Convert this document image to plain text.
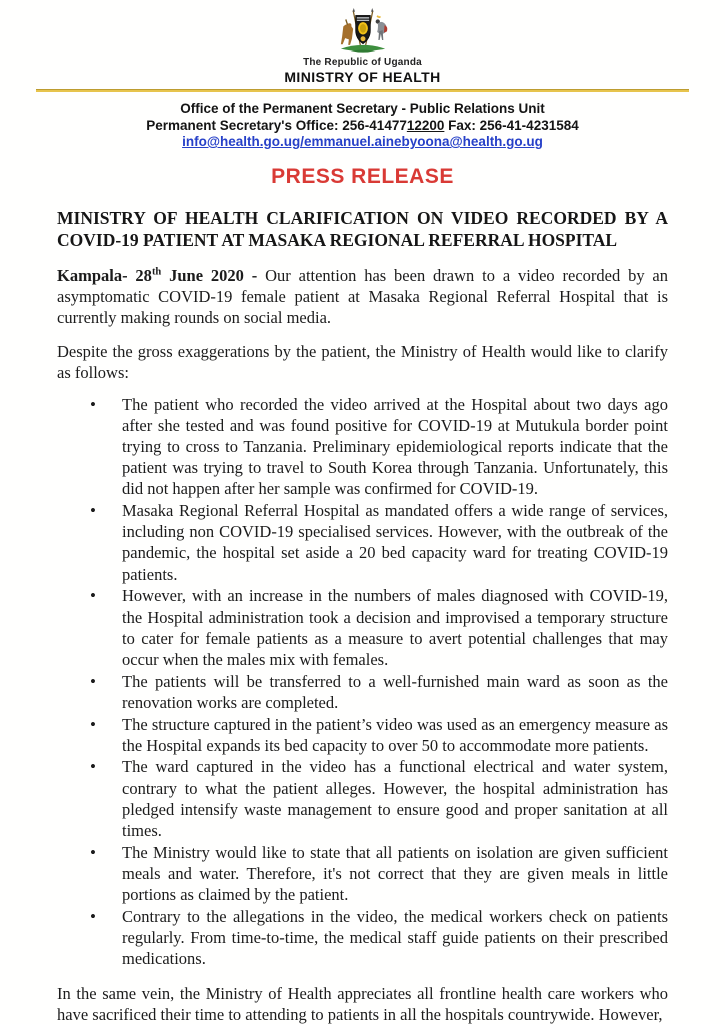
The Republic of Uganda
MINISTRY OF HEALTH
Office of the Permanent Secretary - Public Relations Unit
Permanent Secretary's Office: 256-4147712200 Fax: 256-41-4231584
info@health.go.ug/emmanuel.ainebyoona@health.go.ug
PRESS RELEASE
MINISTRY OF HEALTH CLARIFICATION ON VIDEO RECORDED BY A COVID-19 PATIENT AT MASAKA REGIONAL REFERRAL HOSPITAL

Kampala- 28th June 2020 - Our attention has been drawn to a video recorded by an asymptomatic COVID-19 female patient at Masaka Regional Referral Hospital that is currently making rounds on social media.

Despite the gross exaggerations by the patient, the Ministry of Health would like to clarify as follows:

• The patient who recorded the video arrived at the Hospital about two days ago after she tested and was found positive for COVID-19 at Mutukula border point trying to cross to Tanzania. Preliminary epidemiological reports indicate that the patient was trying to travel to South Korea through Tanzania. Unfortunately, this did not happen after her sample was confirmed for COVID-19.
• Masaka Regional Referral Hospital as mandated offers a wide range of services, including non COVID-19 specialised services. However, with the outbreak of the pandemic, the hospital set aside a 20 bed capacity ward for treating COVID-19 patients.
• However, with an increase in the numbers of males diagnosed with COVID-19, the Hospital administration took a decision and improvised a temporary structure to cater for female patients as a measure to avert potential challenges that may occur when the males mix with females.
• The patients will be transferred to a well-furnished main ward as soon as the renovation works are completed.
• The structure captured in the patient’s video was used as an emergency measure as the Hospital expands its bed capacity to over 50 to accommodate more patients.
• The ward captured in the video has a functional electrical and water system, contrary to what the patient alleges. However, the hospital administration has pledged intensify waste management to ensure good and proper sanitation at all times.
• The Ministry would like to state that all patients on isolation are given sufficient meals and water. Therefore, it's not correct that they are given meals in little portions as claimed by the patient.
• Contrary to the allegations in the video, the medical workers check on patients regularly. From time-to-time, the medical staff guide patients on their prescribed medications.

In the same vein, the Ministry of Health appreciates all frontline health care workers who have sacrificed their time to attending to patients in all the hospitals countrywide. However,
